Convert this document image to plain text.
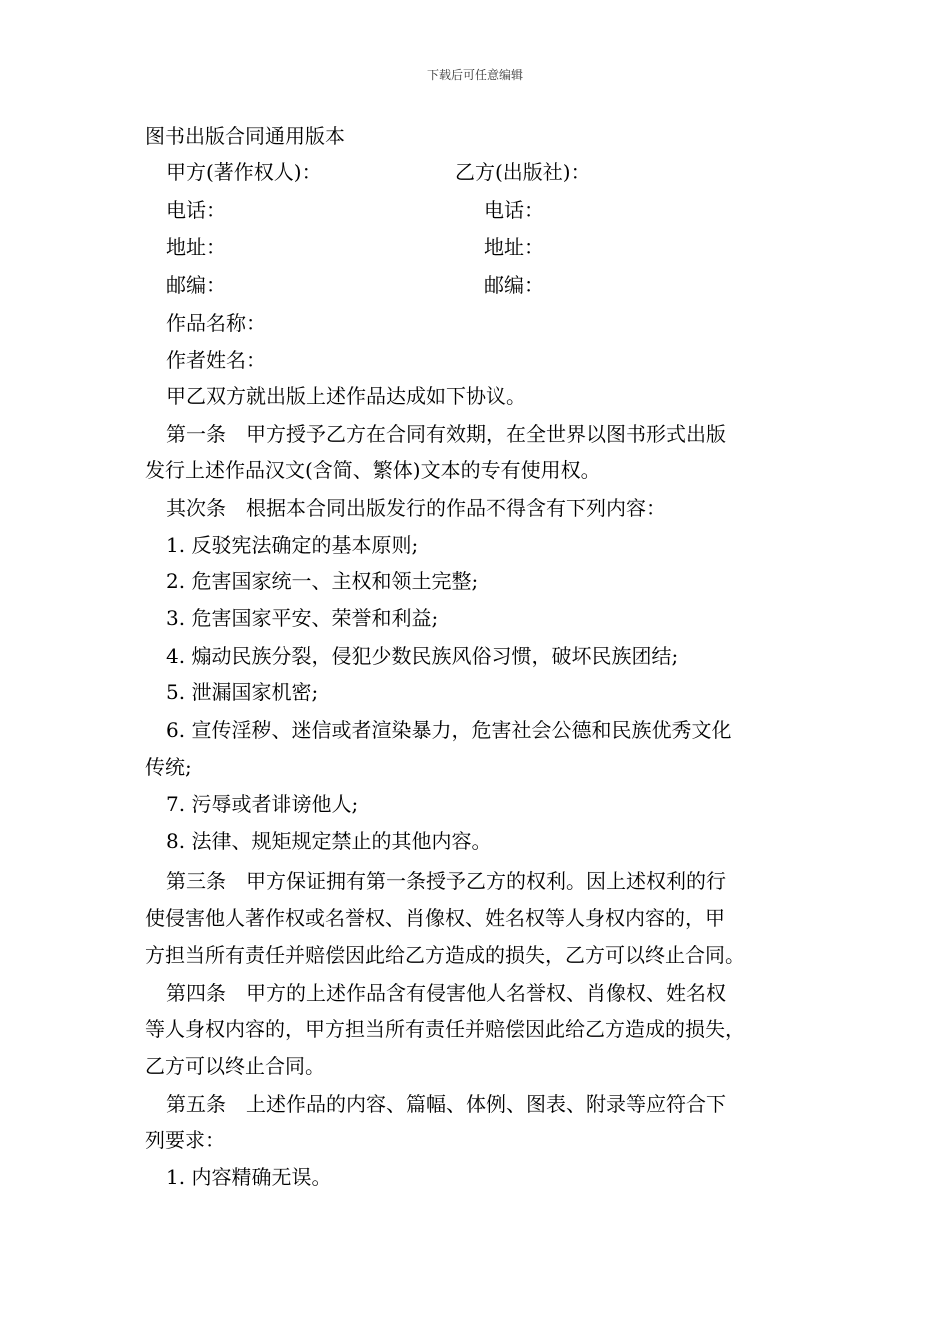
下载后可任意编辑
图书出版合同通用版本
甲方(著作权人)：	乙方(出版社)：
电话：	电话：
地址：	地址：
邮编：	邮编：
作品名称：
作者姓名：
甲乙双方就出版上述作品达成如下协议。
第一条　甲方授予乙方在合同有效期，在全世界以图书形式出版
发行上述作品汉文(含简、繁体)文本的专有使用权。
其次条　根据本合同出版发行的作品不得含有下列内容：
1. 反驳宪法确定的基本原则;
2. 危害国家统一、主权和领土完整;
3. 危害国家平安、荣誉和利益;
4. 煽动民族分裂，侵犯少数民族风俗习惯，破坏民族团结;
5. 泄漏国家机密;
6. 宣传淫秽、迷信或者渲染暴力，危害社会公德和民族优秀文化
传统;
7. 污辱或者诽谤他人;
8. 法律、规矩规定禁止的其他内容。
第三条　甲方保证拥有第一条授予乙方的权利。因上述权利的行
使侵害他人著作权或名誉权、肖像权、姓名权等人身权内容的，甲
方担当所有责任并赔偿因此给乙方造成的损失，乙方可以终止合同。
第四条　甲方的上述作品含有侵害他人名誉权、肖像权、姓名权
等人身权内容的，甲方担当所有责任并赔偿因此给乙方造成的损失，
乙方可以终止合同。
第五条　上述作品的内容、篇幅、体例、图表、附录等应符合下
列要求：
1. 内容精确无误。
